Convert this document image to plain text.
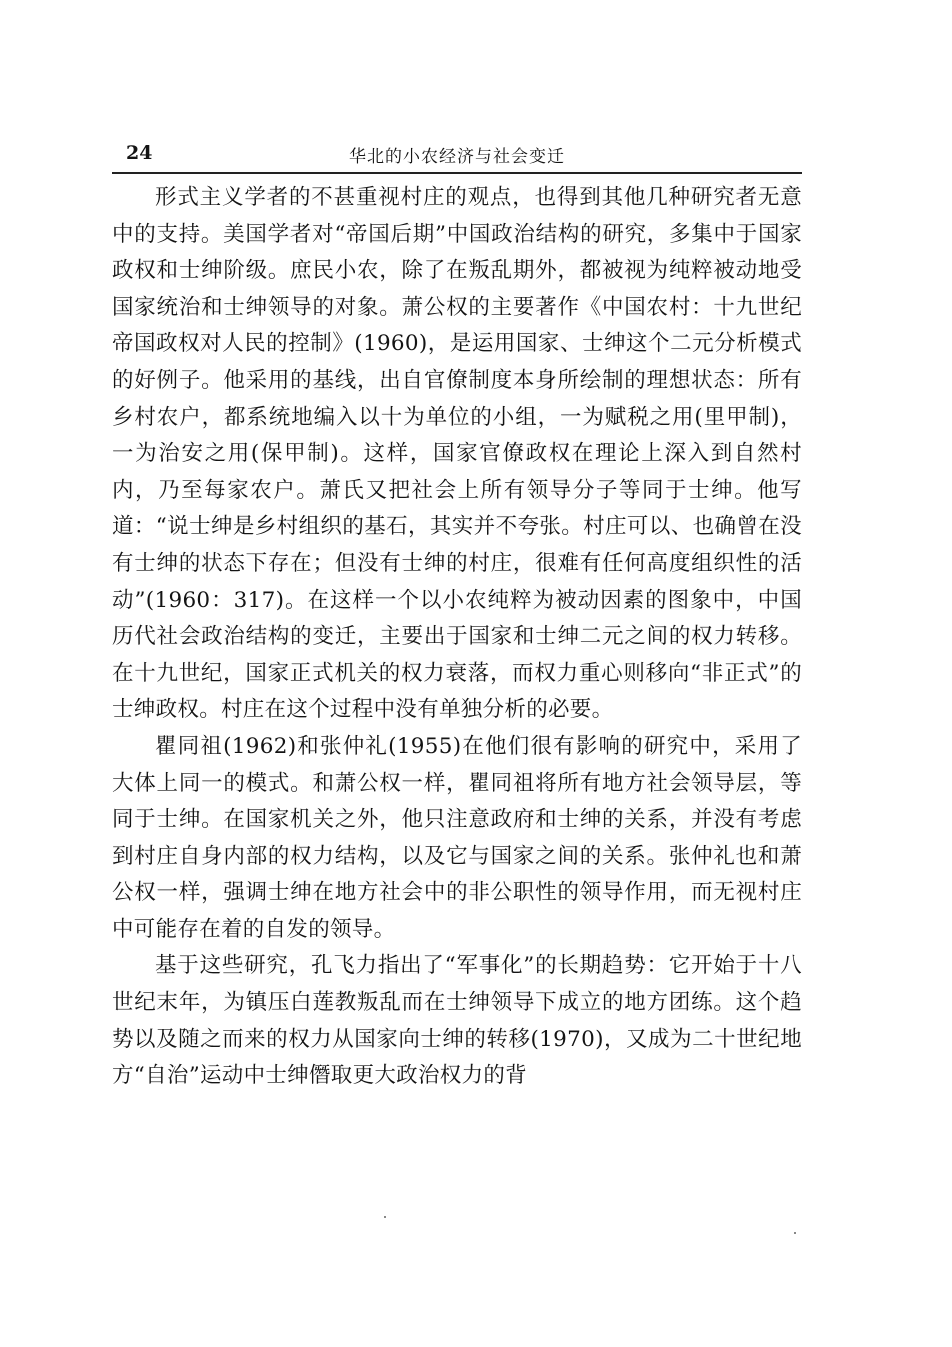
24	华北的小农经济与社会变迁

形式主义学者的不甚重视村庄的观点，也得到其他几种研究者无意中的支持。美国学者对“帝国后期”中国政治结构的研究，多集中于国家政权和士绅阶级。庶民小农，除了在叛乱期外，都被视为纯粹被动地受国家统治和士绅领导的对象。萧公权的主要著作《中国农村：十九世纪帝国政权对人民的控制》(1960)，是运用国家、士绅这个二元分析模式的好例子。他采用的基线，出自官僚制度本身所绘制的理想状态：所有乡村农户，都系统地编入以十为单位的小组，一为赋税之用(里甲制)，一为治安之用(保甲制)。这样，国家官僚政权在理论上深入到自然村内，乃至每家农户。萧氏又把社会上所有领导分子等同于士绅。他写道：“说士绅是乡村组织的基石，其实并不夸张。村庄可以、也确曾在没有士绅的状态下存在；但没有士绅的村庄，很难有任何高度组织性的活动”(1960：317)。在这样一个以小农纯粹为被动因素的图象中，中国历代社会政治结构的变迁，主要出于国家和士绅二元之间的权力转移。在十九世纪，国家正式机关的权力衰落，而权力重心则移向“非正式”的士绅政权。村庄在这个过程中没有单独分析的必要。

瞿同祖(1962)和张仲礼(1955)在他们很有影响的研究中，采用了大体上同一的模式。和萧公权一样，瞿同祖将所有地方社会领导层，等同于士绅。在国家机关之外，他只注意政府和士绅的关系，并没有考虑到村庄自身内部的权力结构，以及它与国家之间的关系。张仲礼也和萧公权一样，强调士绅在地方社会中的非公职性的领导作用，而无视村庄中可能存在着的自发的领导。

基于这些研究，孔飞力指出了“军事化”的长期趋势：它开始于十八世纪末年，为镇压白莲教叛乱而在士绅领导下成立的地方团练。这个趋势以及随之而来的权力从国家向士绅的转移(1970)，又成为二十世纪地方“自治”运动中士绅僭取更大政治权力的背
